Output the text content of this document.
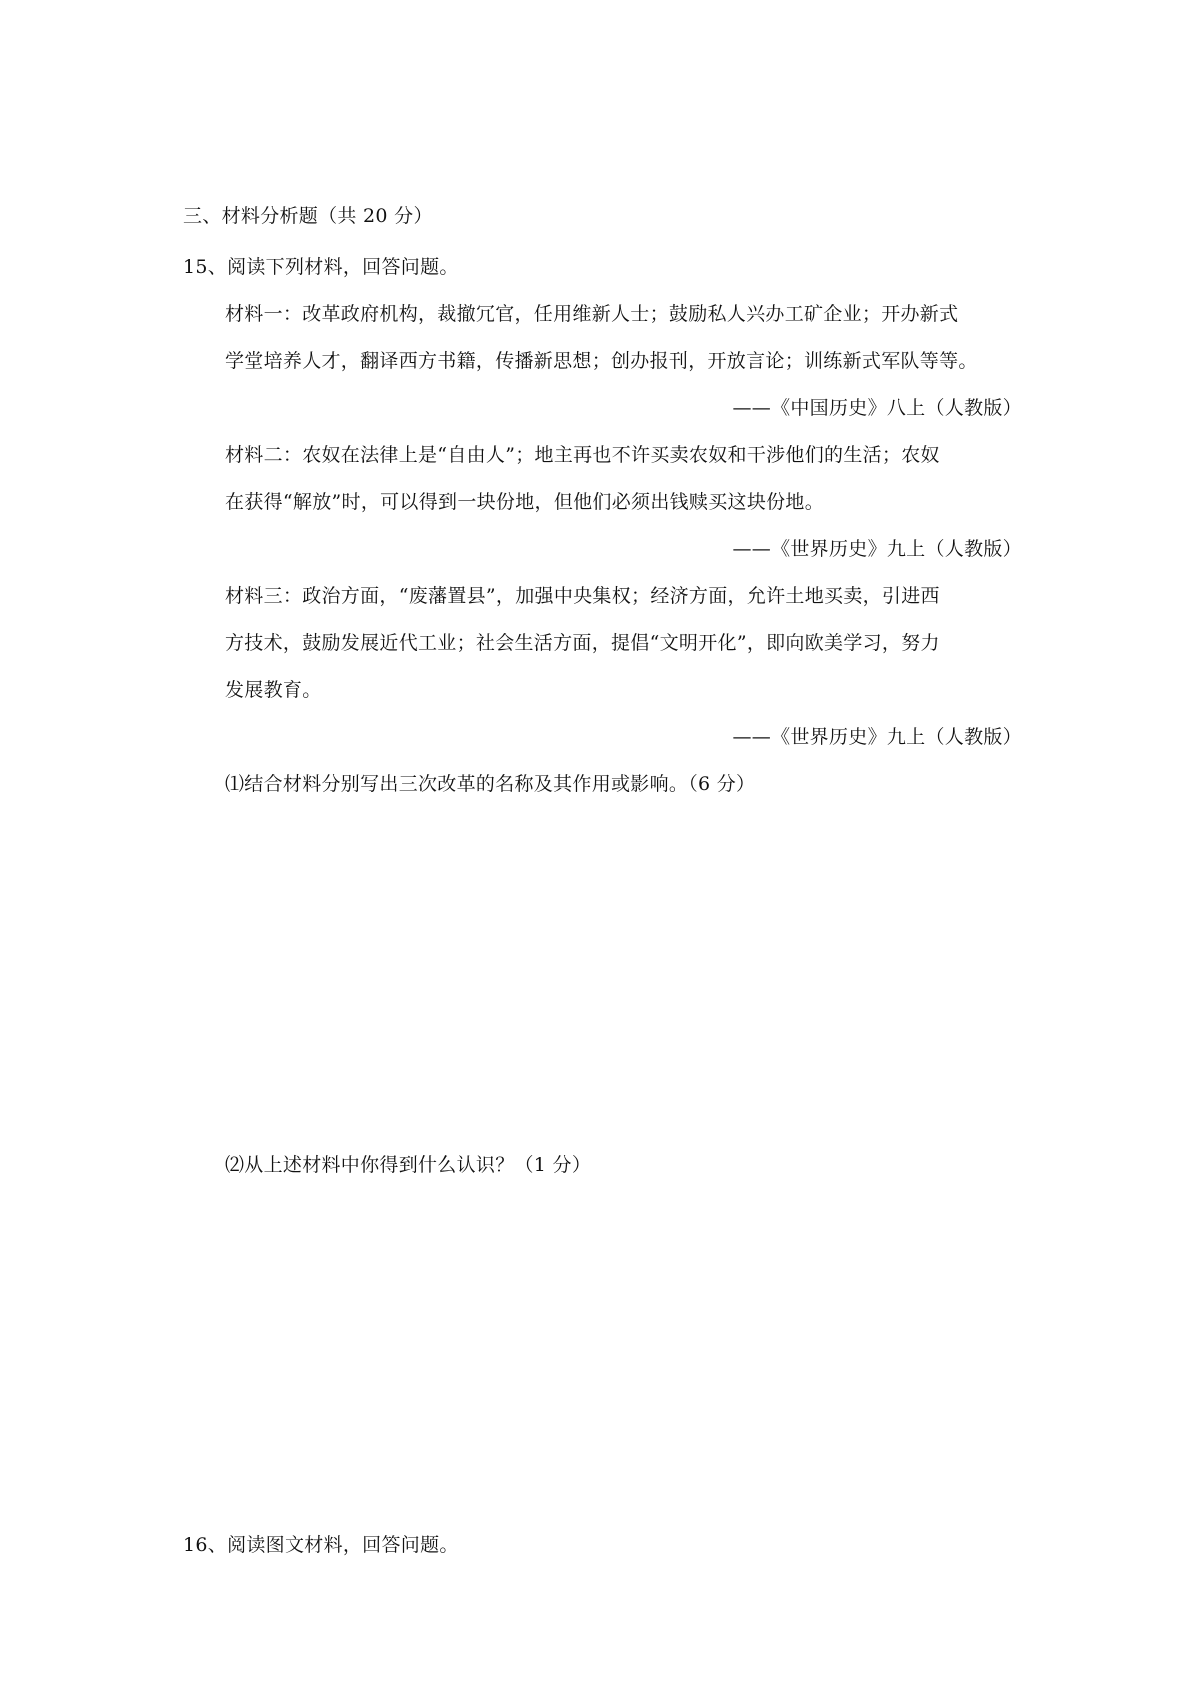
三、材料分析题（共 20 分）
15、阅读下列材料，回答问题。
材料一：改革政府机构，裁撤冗官，任用维新人士；鼓励私人兴办工矿企业；开办新式
学堂培养人才，翻译西方书籍，传播新思想；创办报刊，开放言论；训练新式军队等等。
——《中国历史》八上（人教版）
材料二：农奴在法律上是“自由人”；地主再也不许买卖农奴和干涉他们的生活；农奴
在获得“解放”时，可以得到一块份地，但他们必须出钱赎买这块份地。
——《世界历史》九上（人教版）
材料三：政治方面，“废藩置县”，加强中央集权；经济方面，允许土地买卖，引进西
方技术，鼓励发展近代工业；社会生活方面，提倡“文明开化”，即向欧美学习，努力
发展教育。
——《世界历史》九上（人教版）
⑴结合材料分别写出三次改革的名称及其作用或影响。（6 分）
⑵从上述材料中你得到什么认识？（1 分）
16、阅读图文材料，回答问题。
